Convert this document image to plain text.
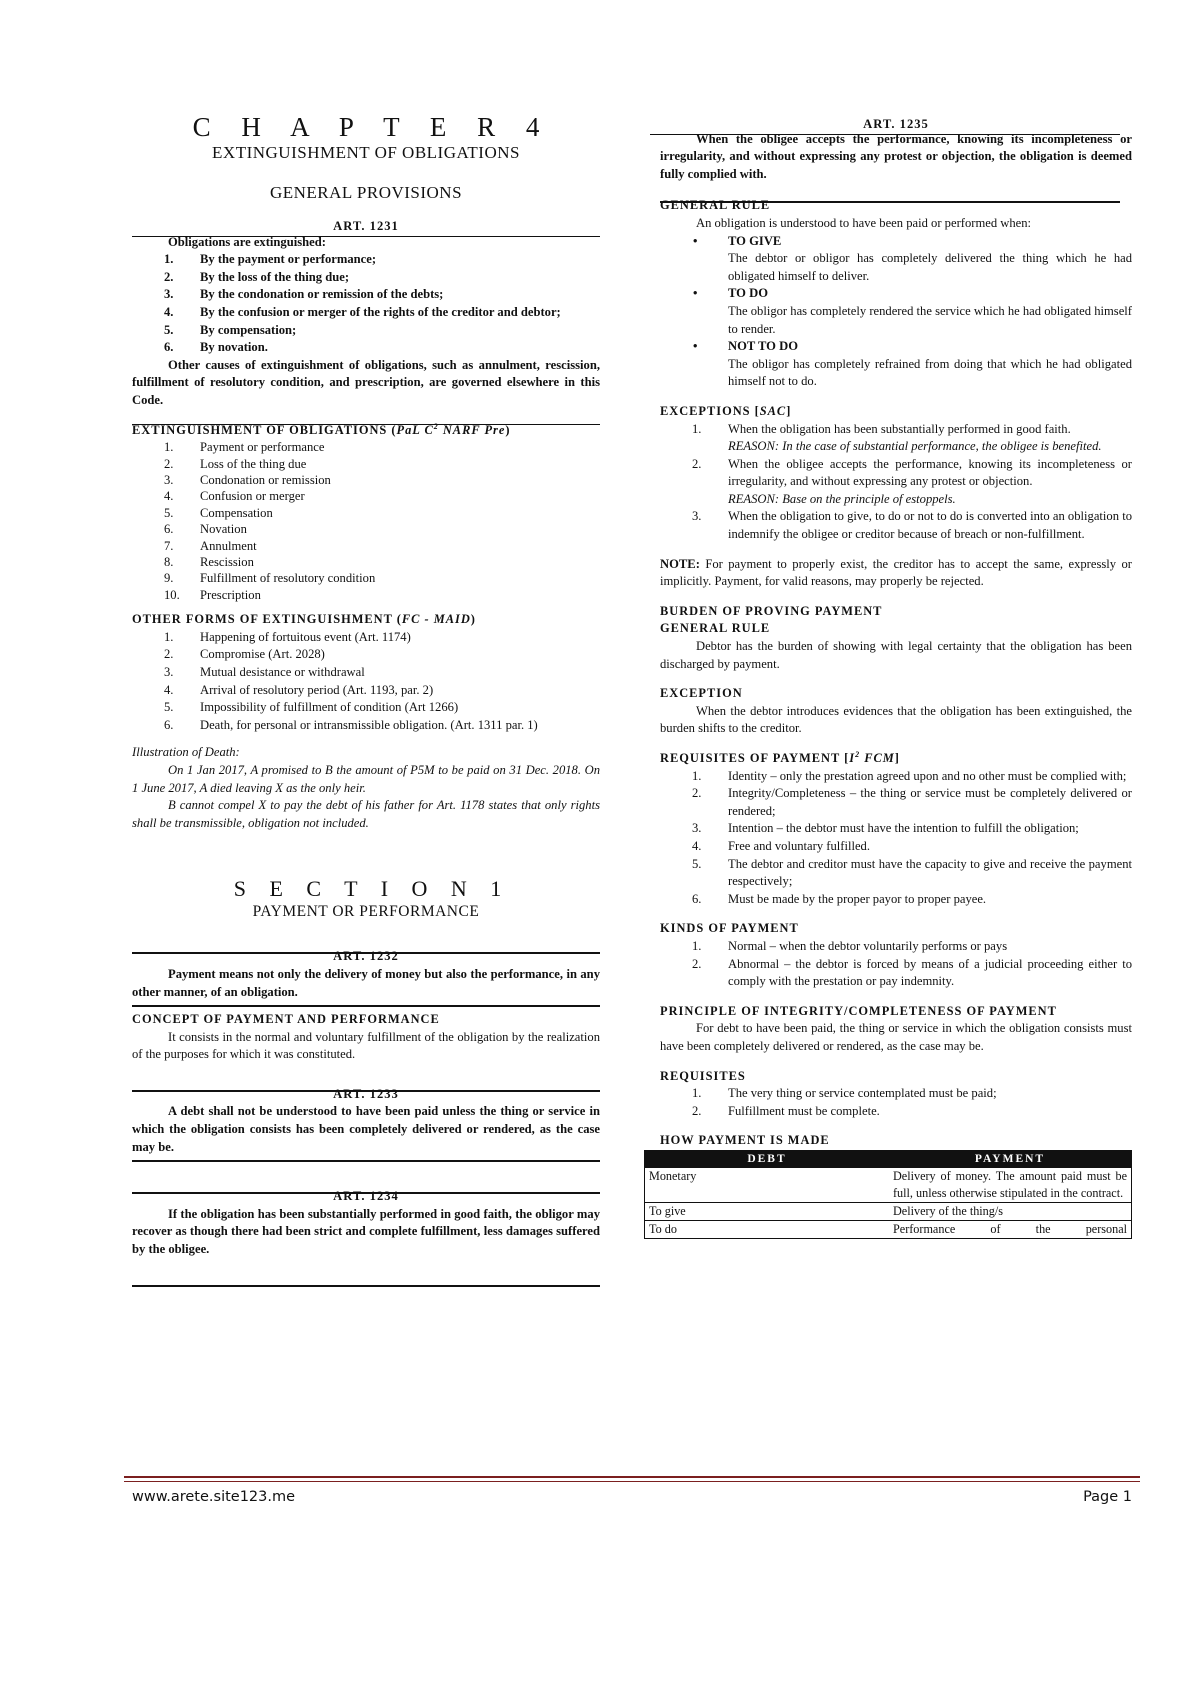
C H A P T E R 4
EXTINGUISHMENT OF OBLIGATIONS
GENERAL PROVISIONS
ART. 1231

Obligations are extinguished:

1.	By the payment or performance;
2.	By the loss of the thing due;
3.	By the condonation or remission of the debts;
4.	By the confusion or merger of the rights of the creditor and debtor;
5.	By compensation;
6.	By novation.

Other causes of extinguishment of obligations, such as annulment, rescission, fulfillment of resolutory condition, and prescription, are governed elsewhere in this Code.

EXTINGUISHMENT OF OBLIGATIONS (PaL $C^2$ NARF Pre)

1.	Payment or performance
2.	Loss of the thing due
3.	Condonation or remission
4.	Confusion or merger
5.	Compensation
6.	Novation
7.	Annulment
8.	Rescission
9.	Fulfillment of resolutory condition
10.	Prescription

OTHER FORMS OF EXTINGUISHMENT (FC - MAID)

1.	Happening of fortuitous event (Art. 1174)
2.	Compromise (Art. 2028)
3.	Mutual desistance or withdrawal
4.	Arrival of resolutory period (Art. 1193, par. 2)
5.	Impossibility of fulfillment of condition (Art 1266)
6.	Death, for personal or intransmissible obligation. (Art. 1311 par. 1)

Illustration of Death:

On 1 Jan 2017, A promised to B the amount of P5M to be paid on 31 Dec. 2018. On 1 June 2017, A died leaving X as the only heir.

B cannot compel X to pay the debt of his father for Art. 1178 states that only rights shall be transmissible, obligation not included.

S E C T I O N 1
PAYMENT OR PERFORMANCE
ART. 1232

Payment means not only the delivery of money but also the performance, in any other manner, of an obligation.

CONCEPT OF PAYMENT AND PERFORMANCE

It consists in the normal and voluntary fulfillment of the obligation by the realization of the purposes for which it was constituted.

ART. 1233

A debt shall not be understood to have been paid unless the thing or service in which the obligation consists has been completely delivered or rendered, as the case may be.

ART. 1234

If the obligation has been substantially performed in good faith, the obligor may recover as though there had been strict and complete fulfillment, less damages suffered by the obligee.

ART. 1235

When the obligee accepts the performance, knowing its incompleteness or irregularity, and without expressing any protest or objection, the obligation is deemed fully complied with.

GENERAL RULE

An obligation is understood to have been paid or performed when:

• TO GIVE
The debtor or obligor has completely delivered the thing which he had obligated himself to deliver.
• TO DO
The obligor has completely rendered the service which he had obligated himself to render.
• NOT TO DO
The obligor has completely refrained from doing that which he had obligated himself not to do.

EXCEPTIONS [SAC]

1.	When the obligation has been substantially performed in good faith.
REASON: In the case of substantial performance, the obligee is benefited.
2.	When the obligee accepts the performance, knowing its incompleteness or irregularity, and without expressing any protest or objection.
REASON: Base on the principle of estoppels.
3.	When the obligation to give, to do or not to do is converted into an obligation to indemnify the obligee or creditor because of breach or non-fulfillment.

NOTE: For payment to properly exist, the creditor has to accept the same, expressly or implicitly. Payment, for valid reasons, may properly be rejected.

BURDEN OF PROVING PAYMENT

GENERAL RULE

Debtor has the burden of showing with legal certainty that the obligation has been discharged by payment.

EXCEPTION

When the debtor introduces evidences that the obligation has been extinguished, the burden shifts to the creditor.

REQUISITES OF PAYMENT [$I^2$ FCM]

1.	Identity – only the prestation agreed upon and no other must be complied with;
2.	Integrity/Completeness – the thing or service must be completely delivered or rendered;
3.	Intention – the debtor must have the intention to fulfill the obligation;
4.	Free and voluntary fulfilled.
5.	The debtor and creditor must have the capacity to give and receive the payment respectively;
6.	Must be made by the proper payor to proper payee.

KINDS OF PAYMENT

1.	Normal – when the debtor voluntarily performs or pays
2.	Abnormal – the debtor is forced by means of a judicial proceeding either to comply with the prestation or pay indemnity.

PRINCIPLE OF INTEGRITY/COMPLETENESS OF PAYMENT

For debt to have been paid, the thing or service in which the obligation consists must have been completely delivered or rendered, as the case may be.

REQUISITES

1.	The very thing or service contemplated must be paid;
2.	Fulfillment must be complete.

HOW PAYMENT IS MADE

DEBT	PAYMENT
Monetary	Delivery of money. The amount paid must be full, unless otherwise stipulated in the contract.
To give	Delivery of the thing/s
To do	Performance of the personal
www.arete.site123.me	Page 1
